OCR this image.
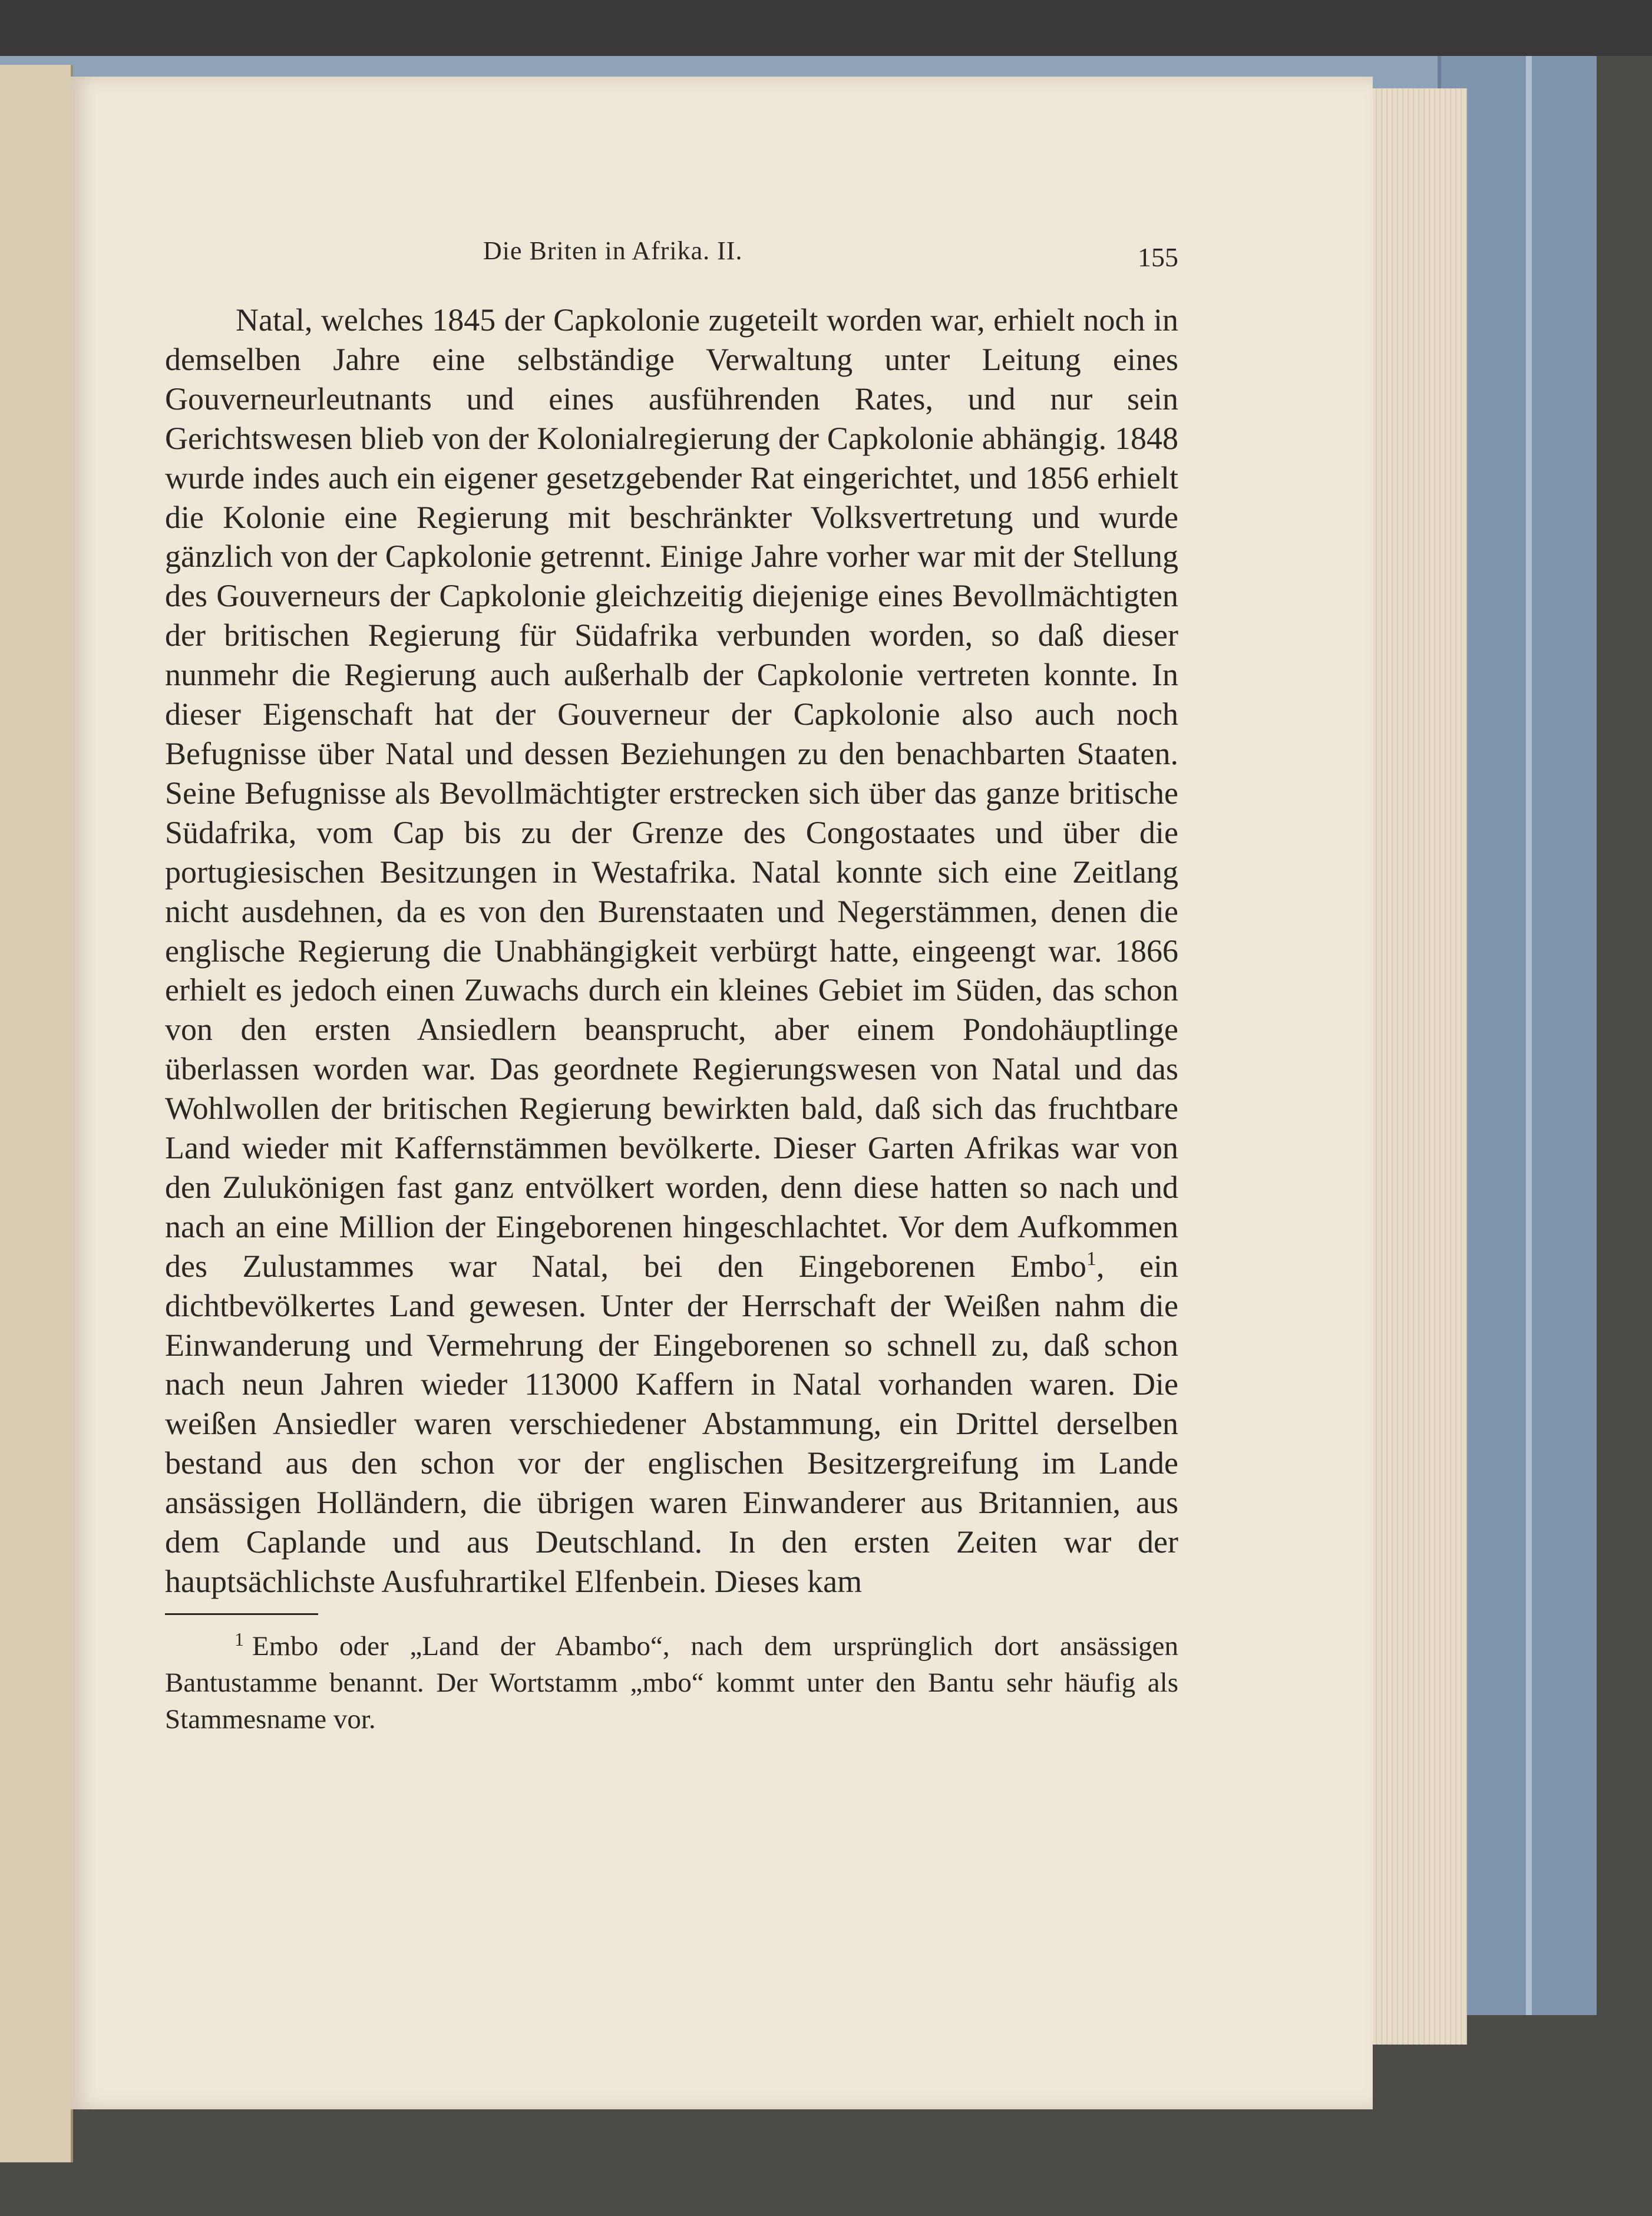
Die Briten in Afrika. II.	155

Natal, welches 1845 der Capkolonie zugeteilt worden war, erhielt noch in demselben Jahre eine selbständige Verwaltung unter Leitung eines Gouverneurleutnants und eines ausführenden Rates, und nur sein Gerichtswesen blieb von der Kolonialregierung der Capkolonie abhängig. 1848 wurde indes auch ein eigener gesetzgebender Rat eingerichtet, und 1856 erhielt die Kolonie eine Regierung mit beschränkter Volksvertretung und wurde gänzlich von der Capkolonie getrennt. Einige Jahre vorher war mit der Stellung des Gouverneurs der Capkolonie gleichzeitig diejenige eines Bevollmächtigten der britischen Regierung für Südafrika verbunden worden, so daß dieser nunmehr die Regierung auch außerhalb der Capkolonie vertreten konnte. In dieser Eigenschaft hat der Gouverneur der Capkolonie also auch noch Befugnisse über Natal und dessen Beziehungen zu den benachbarten Staaten. Seine Befugnisse als Bevollmächtigter erstrecken sich über das ganze britische Südafrika, vom Cap bis zu der Grenze des Congostaates und über die portugiesischen Besitzungen in Westafrika. Natal konnte sich eine Zeitlang nicht ausdehnen, da es von den Burenstaaten und Negerstämmen, denen die englische Regierung die Unabhängigkeit verbürgt hatte, eingeengt war. 1866 erhielt es jedoch einen Zuwachs durch ein kleines Gebiet im Süden, das schon von den ersten Ansiedlern beansprucht, aber einem Pondohäuptlinge überlassen worden war. Das geordnete Regierungswesen von Natal und das Wohlwollen der britischen Regierung bewirkten bald, daß sich das fruchtbare Land wieder mit Kaffernstämmen bevölkerte. Dieser Garten Afrikas war von den Zulukönigen fast ganz entvölkert worden, denn diese hatten so nach und nach an eine Million der Eingeborenen hingeschlachtet. Vor dem Aufkommen des Zulustammes war Natal, bei den Eingeborenen Embo$^1$, ein dichtbevölkertes Land gewesen. Unter der Herrschaft der Weißen nahm die Einwanderung und Vermehrung der Eingeborenen so schnell zu, daß schon nach neun Jahren wieder 113000 Kaffern in Natal vorhanden waren. Die weißen Ansiedler waren verschiedener Abstammung, ein Drittel derselben bestand aus den schon vor der englischen Besitzergreifung im Lande ansässigen Holländern, die übrigen waren Einwanderer aus Britannien, aus dem Caplande und aus Deutschland. In den ersten Zeiten war der hauptsächlichste Ausfuhrartikel Elfenbein. Dieses kam

$^1$ Embo oder „Land der Abambo“, nach dem ursprünglich dort ansässigen Bantustamme benannt. Der Wortstamm „mbo“ kommt unter den Bantu sehr häufig als Stammesname vor.
